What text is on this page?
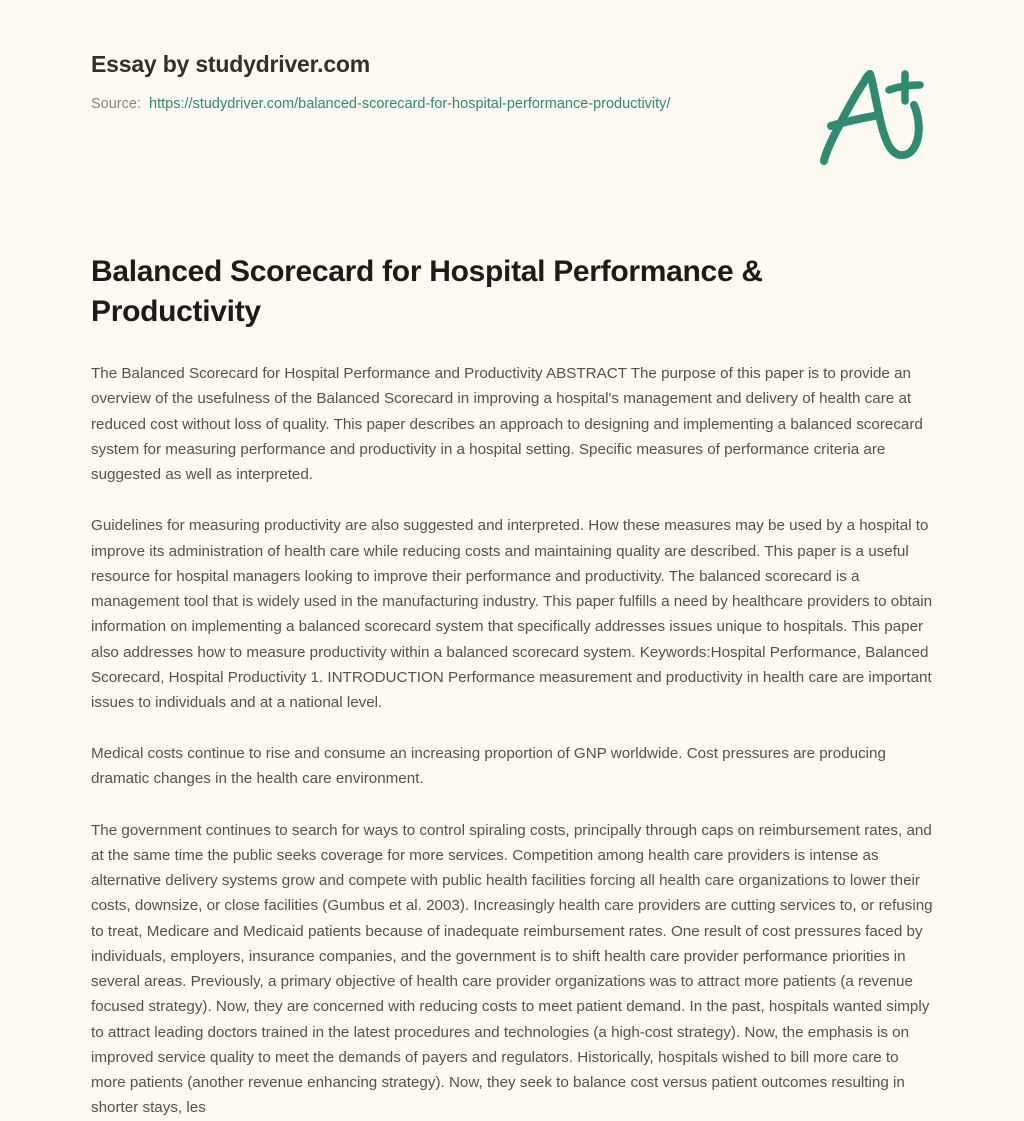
Essay by studydriver.com
Source: https://studydriver.com/balanced-scorecard-for-hospital-performance-productivity/
Balanced Scorecard for Hospital Performance & Productivity

The Balanced Scorecard for Hospital Performance and Productivity ABSTRACT The purpose of this paper is to provide an overview of the usefulness of the Balanced Scorecard in improving a hospital's management and delivery of health care at reduced cost without loss of quality. This paper describes an approach to designing and implementing a balanced scorecard system for measuring performance and productivity in a hospital setting. Specific measures of performance criteria are suggested as well as interpreted.

Guidelines for measuring productivity are also suggested and interpreted. How these measures may be used by a hospital to improve its administration of health care while reducing costs and maintaining quality are described. This paper is a useful resource for hospital managers looking to improve their performance and productivity. The balanced scorecard is a management tool that is widely used in the manufacturing industry. This paper fulfills a need by healthcare providers to obtain information on implementing a balanced scorecard system that specifically addresses issues unique to hospitals. This paper also addresses how to measure productivity within a balanced scorecard system. Keywords:Hospital Performance, Balanced Scorecard, Hospital Productivity 1. INTRODUCTION Performance measurement and productivity in health care are important issues to individuals and at a national level.

Medical costs continue to rise and consume an increasing proportion of GNP worldwide. Cost pressures are producing dramatic changes in the health care environment.

The government continues to search for ways to control spiraling costs, principally through caps on reimbursement rates, and at the same time the public seeks coverage for more services. Competition among health care providers is intense as alternative delivery systems grow and compete with public health facilities forcing all health care organizations to lower their costs, downsize, or close facilities (Gumbus et al. 2003). Increasingly health care providers are cutting services to, or refusing to treat, Medicare and Medicaid patients because of inadequate reimbursement rates. One result of cost pressures faced by individuals, employers, insurance companies, and the government is to shift health care provider performance priorities in several areas. Previously, a primary objective of health care provider organizations was to attract more patients (a revenue focused strategy). Now, they are concerned with reducing costs to meet patient demand. In the past, hospitals wanted simply to attract leading doctors trained in the latest procedures and technologies (a high-cost strategy). Now, the emphasis is on improved service quality to meet the demands of payers and regulators. Historically, hospitals wished to bill more care to more patients (another revenue enhancing strategy). Now, they seek to balance cost versus patient outcomes resulting in shorter stays, les
